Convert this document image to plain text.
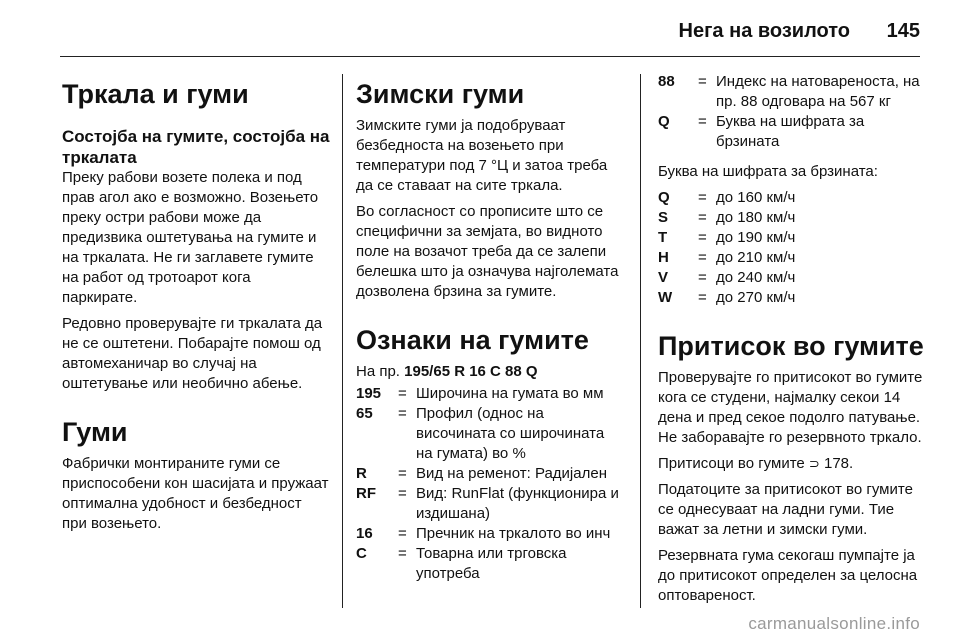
Нега на возилото 145
Тркала и гуми
Состојба на гумите, состојба на тркалата

Преку рабови возете полека и под прав агол ако е возможно. Возењето преку остри рабови може да предизвика оштетувања на гумите и на тркалата. Не ги заглавете гумите на работ од тротоарот кога паркирате.

Редовно проверувајте ги тркалата да не се оштетени. Побарајте помош од автомеханичар во случај на оштетување или необично абење.

Гуми

Фабрички монтираните гуми се приспособени кон шасијата и пружаат оптимална удобност и безбедност при возењето.

Зимски гуми

Зимските гуми ја подобруваат безбедноста на возењето при температури под 7 °Ц и затоа треба да се ставаат на сите тркала.

Во согласност со прописите што се специфични за земјата, во видното поле на возачот треба да се залепи белешка што ја означува најголемата дозволена брзина за гумите.

Ознаки на гумите
На пр. 195/65 R 16 C 88 Q
195	= Широчина на гумата во мм
65	= Профил (однос на височината со широчината на гумата) во %
R	= Вид на ременот: Радијален
RF	= Вид: RunFlat (функционира и издишана)
16	= Пречник на тркалото во инч
C	= Товарна или трговска употреба
88	= Индекс на натовареноста, на пр. 88 одговара на 567 кг
Q	= Буква на шифрата за брзината

Буква на шифрата за брзината:

Q	= до 160 км/ч
S	= до 180 км/ч
T	= до 190 км/ч
H	= до 210 км/ч
V	= до 240 км/ч
W	= до 270 км/ч
Притисок во гумите

Проверувајте го притисокот во гумите кога се студени, најмалку секои 14 дена и пред секое подолго патување. Не заборавајте го резервното тркало.

Притисоци во гумите ⊃ 178.

Податоците за притисокот во гумите се однесуваат на ладни гуми. Тие важат за летни и зимски гуми.

Резервната гума секогаш пумпајте ја до притисокот определен за целосна оптовареност.

carmanualsonline.info
